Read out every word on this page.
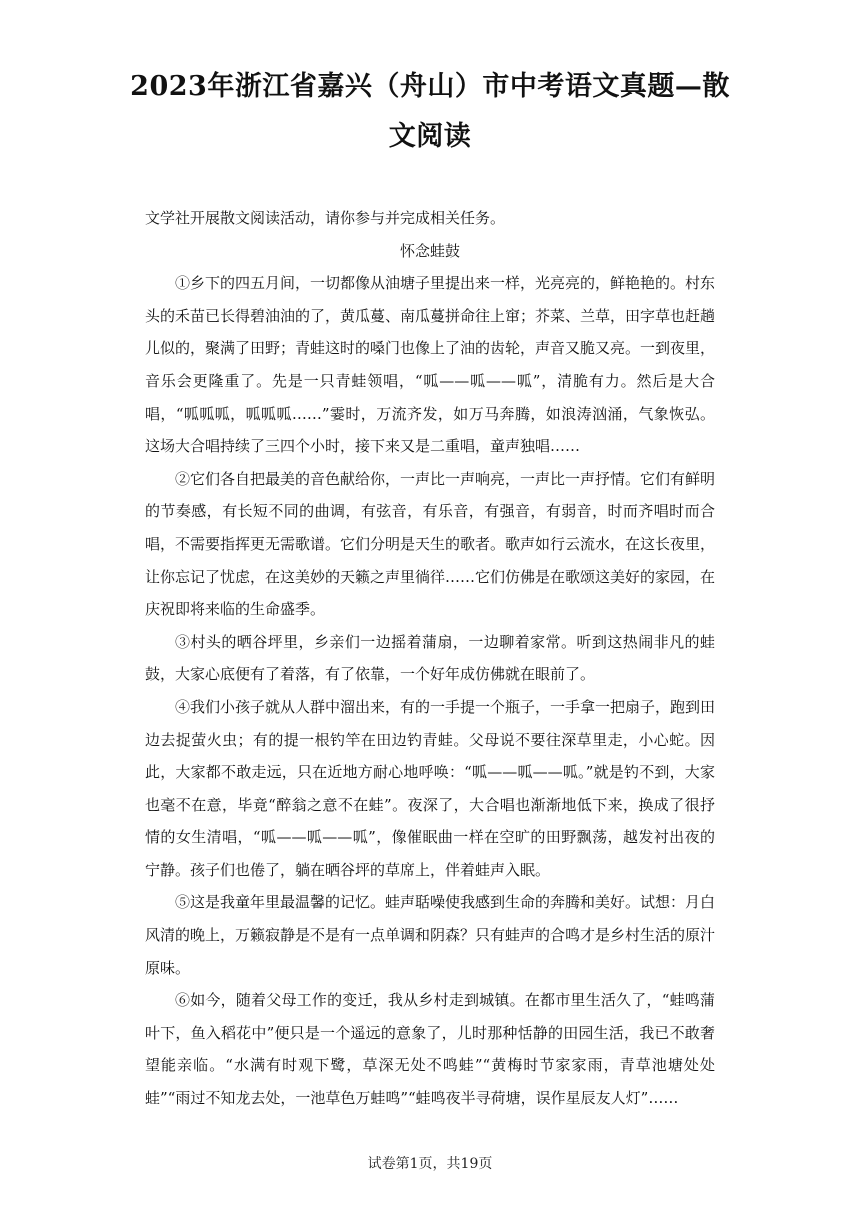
2023年浙江省嘉兴（舟山）市中考语文真题—散文阅读

文学社开展散文阅读活动，请你参与并完成相关任务。

怀念蛙鼓

①乡下的四五月间，一切都像从油塘子里提出来一样，光亮亮的，鲜艳艳的。村东头的禾苗已长得碧油油的了，黄瓜蔓、南瓜蔓拼命往上窜；芥菜、兰草，田字草也赶趟儿似的，聚满了田野；青蛙这时的嗓门也像上了油的齿轮，声音又脆又亮。一到夜里，音乐会更隆重了。先是一只青蛙领唱，“呱——呱——呱”，清脆有力。然后是大合唱，“呱呱呱，呱呱呱……”霎时，万流齐发，如万马奔腾，如浪涛汹涌，气象恢弘。这场大合唱持续了三四个小时，接下来又是二重唱，童声独唱……

②它们各自把最美的音色献给你，一声比一声响亮，一声比一声抒情。它们有鲜明的节奏感，有长短不同的曲调，有弦音，有乐音，有强音，有弱音，时而齐唱时而合唱，不需要指挥更无需歌谱。它们分明是天生的歌者。歌声如行云流水，在这长夜里，让你忘记了忧虑，在这美妙的天籁之声里徜徉……它们仿佛是在歌颂这美好的家园，在庆祝即将来临的生命盛季。

③村头的晒谷坪里，乡亲们一边摇着蒲扇，一边聊着家常。听到这热闹非凡的蛙鼓，大家心底便有了着落，有了依靠，一个好年成仿佛就在眼前了。

④我们小孩子就从人群中溜出来，有的一手提一个瓶子，一手拿一把扇子，跑到田边去捉萤火虫；有的提一根钓竿在田边钓青蛙。父母说不要往深草里走，小心蛇。因此，大家都不敢走远，只在近地方耐心地呼唤：“呱——呱——呱。”就是钓不到，大家也毫不在意，毕竟“醉翁之意不在蛙”。夜深了，大合唱也渐渐地低下来，换成了很抒情的女生清唱，“呱——呱——呱”，像催眠曲一样在空旷的田野飘荡，越发衬出夜的宁静。孩子们也倦了，躺在晒谷坪的草席上，伴着蛙声入眠。

⑤这是我童年里最温馨的记忆。蛙声聒噪使我感到生命的奔腾和美好。试想：月白风清的晚上，万籁寂静是不是有一点单调和阴森？只有蛙声的合鸣才是乡村生活的原汁原味。

⑥如今，随着父母工作的变迁，我从乡村走到城镇。在都市里生活久了，“蛙鸣蒲叶下，鱼入稻花中”便只是一个遥远的意象了，儿时那种恬静的田园生活，我已不敢奢望能亲临。“水满有时观下鹭，草深无处不鸣蛙”“黄梅时节家家雨，青草池塘处处蛙”“雨过不知龙去处，一池草色万蛙鸣”“蛙鸣夜半寻荷塘，误作星辰友人灯”……

试卷第1页，共19页
